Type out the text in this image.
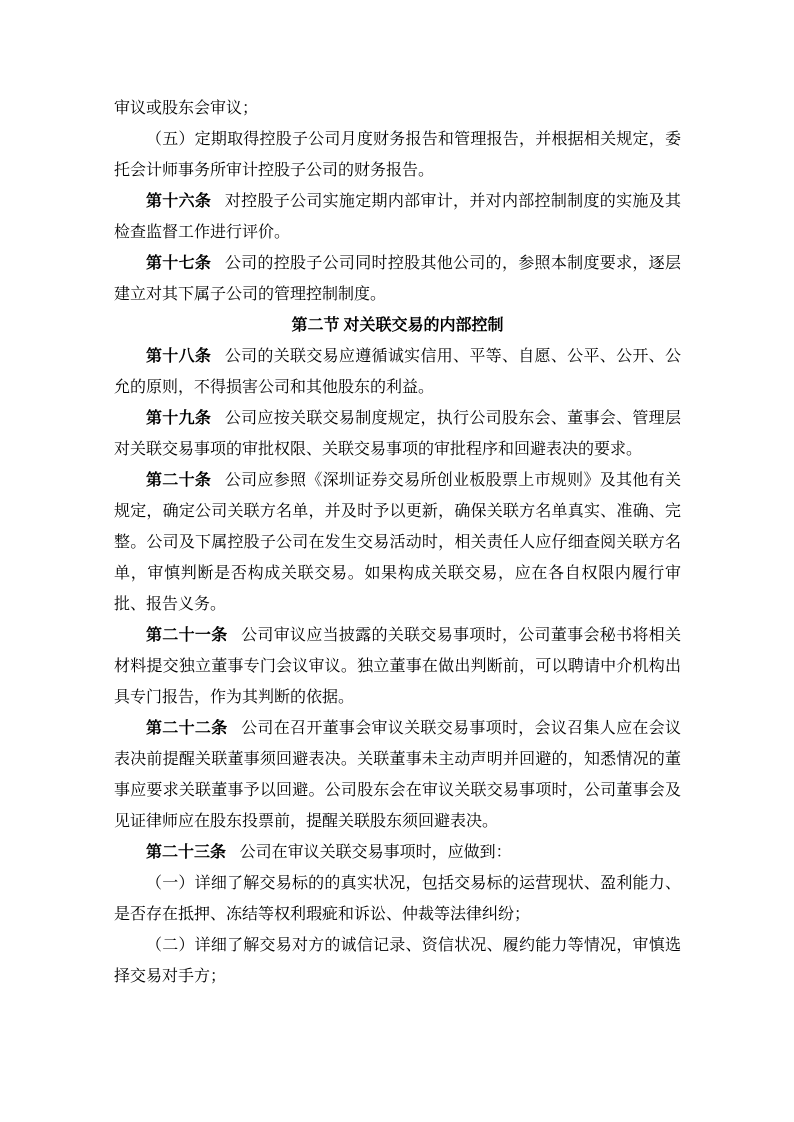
审议或股东会审议；

（五）定期取得控股子公司月度财务报告和管理报告，并根据相关规定，委托会计师事务所审计控股子公司的财务报告。

第十六条 对控股子公司实施定期内部审计，并对内部控制制度的实施及其检查监督工作进行评价。

第十七条 公司的控股子公司同时控股其他公司的，参照本制度要求，逐层建立对其下属子公司的管理控制制度。

第二节 对关联交易的内部控制

第十八条 公司的关联交易应遵循诚实信用、平等、自愿、公平、公开、公允的原则，不得损害公司和其他股东的利益。

第十九条 公司应按关联交易制度规定，执行公司股东会、董事会、管理层对关联交易事项的审批权限、关联交易事项的审批程序和回避表决的要求。

第二十条 公司应参照《深圳证券交易所创业板股票上市规则》及其他有关规定，确定公司关联方名单，并及时予以更新，确保关联方名单真实、准确、完整。公司及下属控股子公司在发生交易活动时，相关责任人应仔细查阅关联方名单，审慎判断是否构成关联交易。如果构成关联交易，应在各自权限内履行审批、报告义务。

第二十一条 公司审议应当披露的关联交易事项时，公司董事会秘书将相关材料提交独立董事专门会议审议。独立董事在做出判断前，可以聘请中介机构出具专门报告，作为其判断的依据。

第二十二条 公司在召开董事会审议关联交易事项时，会议召集人应在会议表决前提醒关联董事须回避表决。关联董事未主动声明并回避的，知悉情况的董事应要求关联董事予以回避。公司股东会在审议关联交易事项时，公司董事会及见证律师应在股东投票前，提醒关联股东须回避表决。

第二十三条 公司在审议关联交易事项时，应做到：

（一）详细了解交易标的的真实状况，包括交易标的运营现状、盈利能力、是否存在抵押、冻结等权利瑕疵和诉讼、仲裁等法律纠纷；

（二）详细了解交易对方的诚信记录、资信状况、履约能力等情况，审慎选择交易对手方；
